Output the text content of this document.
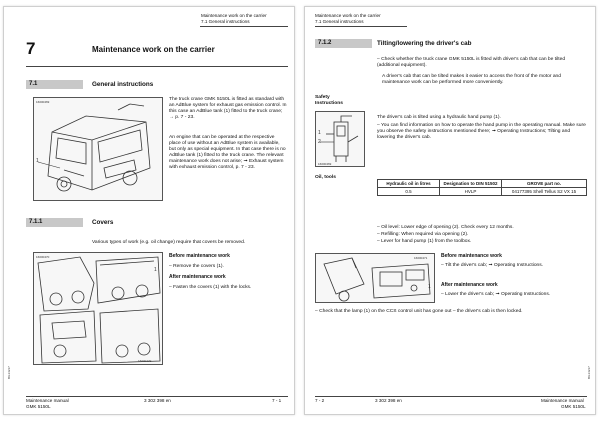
Maintenance work on the carrier
7.1 General instructions
7	Maintenance work on the carrier
7.1	General instructions
16000469
1
The truck crane GMK 5150L is fitted as standard with an AdBlue system for exhaust gas emission control. In this case an AdBlue tank (1) fitted to the truck crane; → p. 7 - 23.
An engine that can be operated at the respective place of use without an AdBlue system is available, but only as special equipment. In that case there is no AdBlue tank (1) fitted to the truck crane. The relevant maintenance work does not arise; ➟ Exhaust system with exhaust emission control, p. 7 - 23.
7.1.1	Covers
Various types of work (e.g. oil change) require that covers be removed.
16000470
16000470
1
Before maintenance work
– Remove the covers (1).
After maintenance work
– Fasten the covers (1) with the locks.
BIL14217
Maintenance manual
GMK 5150L
3 302 398 en	7 - 1
Maintenance work on the carrier
7.1 General instructions
7.1.2	Tilting/lowering the driver's cab
– Check whether the truck crane GMK 5150L is fitted with driver's cab that can be tilted (additional equipment).
A driver's cab that can be tilted makes it easier to access the front of the motor and maintenance work can be performed more conveniently.
Safety Instructions
16000469
1
2
The driver's cab is tilted using a hydraulic hand pump (1).
– You can find information on how to operate the hand pump in the operating manual. Make sure you observe the safety instructions mentioned there; ➟ Operating Instructions; Tilting and lowering the driver's cab.
Oil, tools
Hydraulic oil in litres	Designation to DIN 51502	GROVE part no.
0.5	HVLP	04177395 Shell Tellus S2 VX 15
– Oil level: Lower edge of opening (2). Check every 12 months.
– Refilling: When required via opening (2).
– Lever for hand pump (1) from the toolbox.
16000471
1
Before maintenance work
– Tilt the driver's cab; ➟ Operating Instructions.
After maintenance work
– Lower the driver's cab; ➟ Operating Instructions.
– Check that the lamp (1) on the CCS control unit has gone out – the driver's cab is then locked.
BIL14217
7 - 2	3 302 398 en	Maintenance manual
GMK 5150L
